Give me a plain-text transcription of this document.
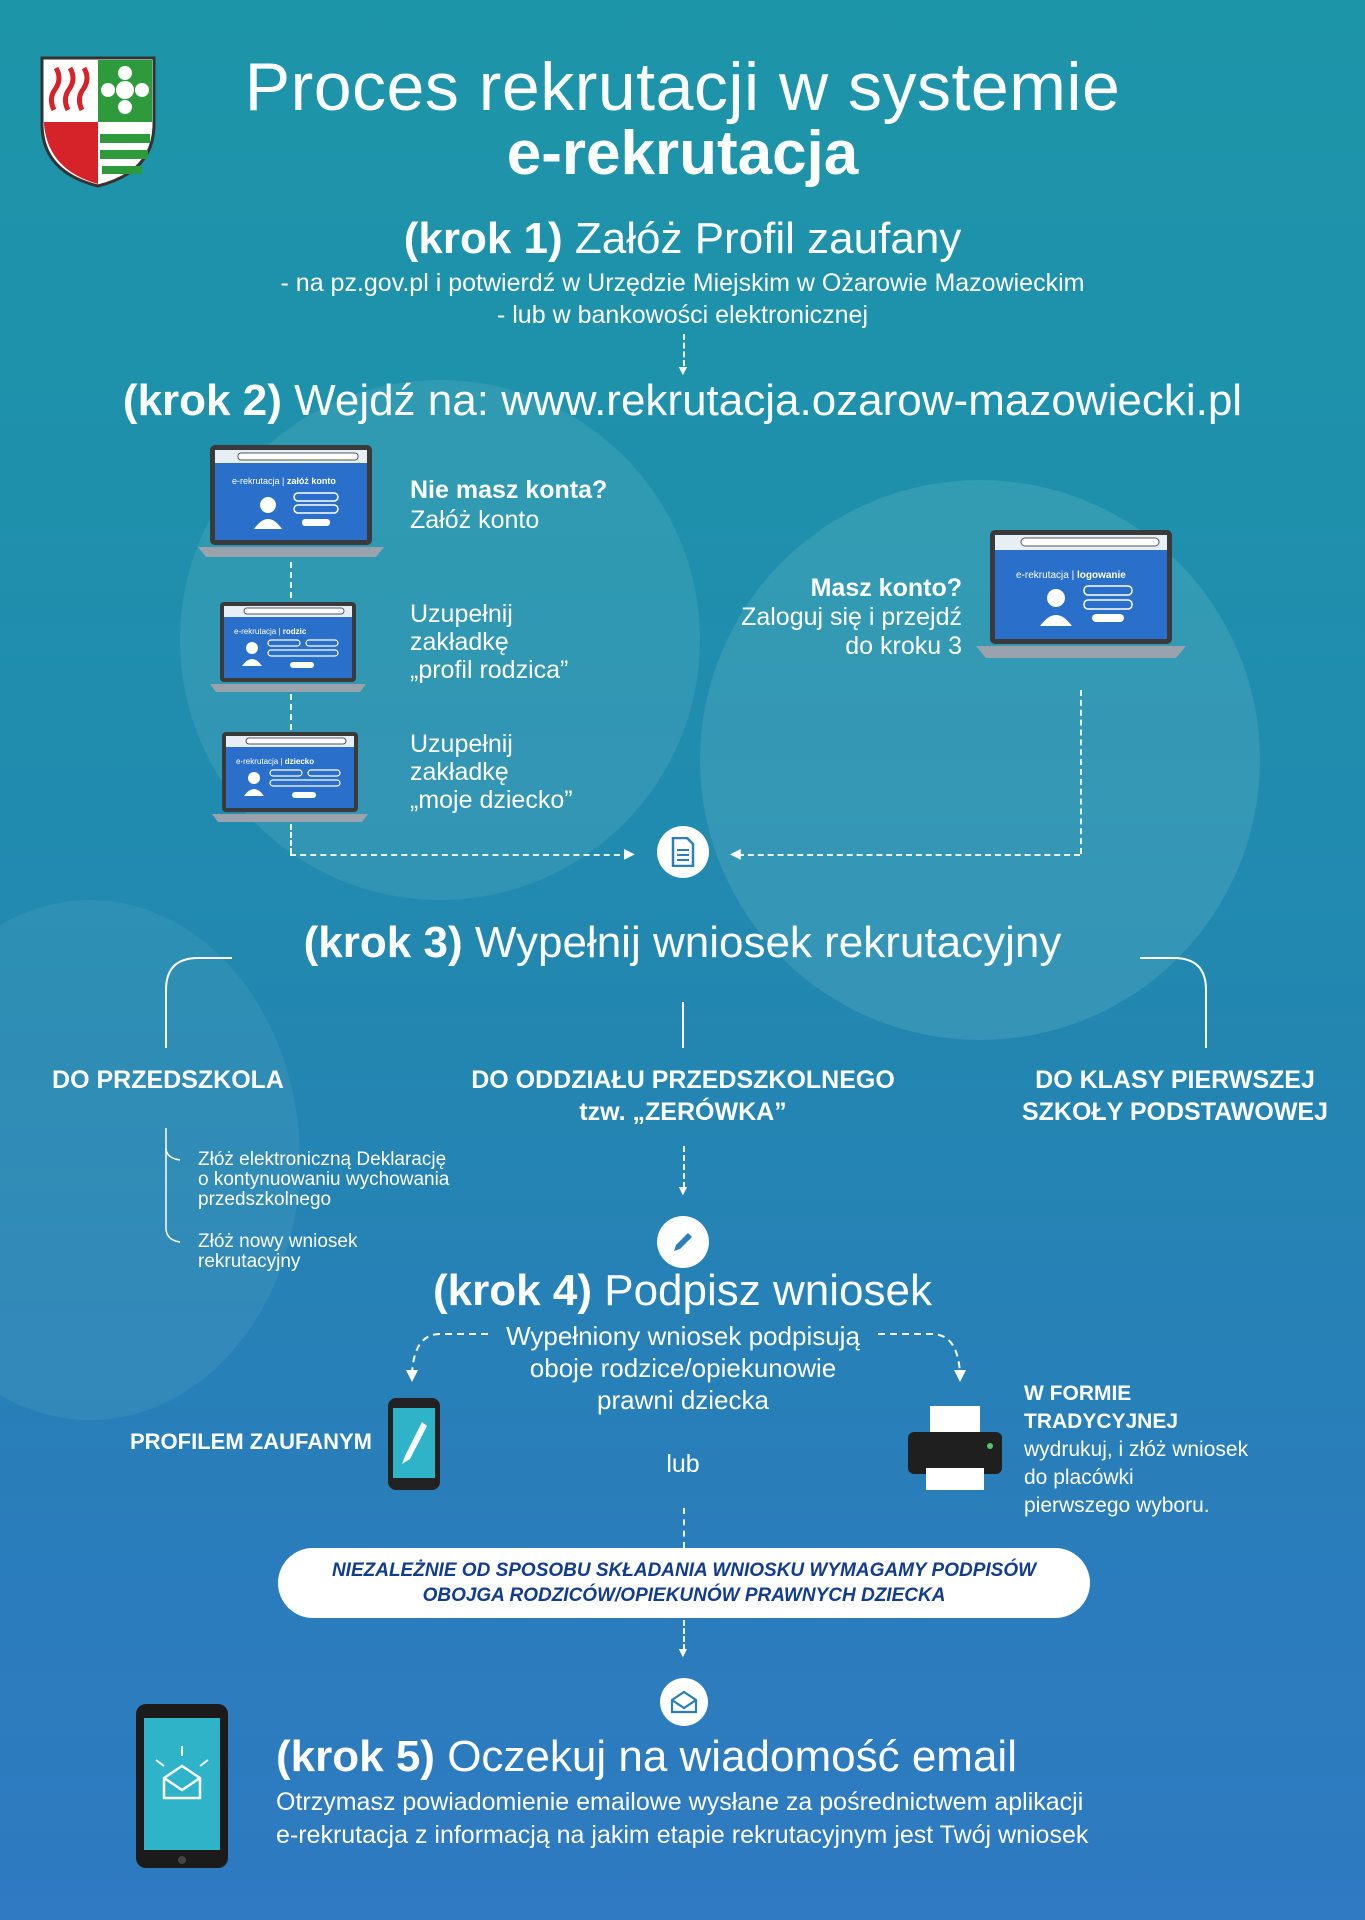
Proces rekrutacji w systemie
e-rekrutacja
(krok 1) Załóż Profil zaufany
- na pz.gov.pl i potwierdź w Urzędzie Miejskim w Ożarowie Mazowieckim
- lub w bankowości elektronicznej
▼
(krok 2) Wejdź na: www.rekrutacja.ozarow-mazowiecki.pl
e-rekrutacja | załóż konto	Nie masz konta?
Załóż konto
e-rekrutacja | rodzic
Uzupełnij
zakładkę
„profil rodzica”
e-rekrutacja | dziecko
Uzupełnij
zakładkę
„moje dziecko”
e-rekrutacja | logowanie
Masz konto?
Zaloguj się i przejdź
do kroku 3
▶	◀
(krok 3) Wypełnij wniosek rekrutacyjny
DO PRZEDSZKOLA	DO ODDZIAŁU PRZEDSZKOLNEGO
tzw. „ZERÓWKA”
DO KLASY PIERWSZEJ
SZKOŁY PODSTAWOWEJ
Złóż elektroniczną Deklarację
o kontynuowaniu wychowania
przedszkolnego
Złóż nowy wniosek
rekrutacyjny
▼
(krok 4) Podpisz wniosek
Wypełniony wniosek podpisują
oboje rodzice/opiekunowie
prawni dziecka
lub
PROFILEM ZAUFANYM
W FORMIE
TRADYCYJNEJ
wydrukuj, i złóż wniosek
do placówki
pierwszego wyboru.
NIEZALEŻNIE OD SPOSOBU SKŁADANIA WNIOSKU WYMAGAMY PODPISÓW
OBOJGA RODZICÓW/OPIEKUNÓW PRAWNYCH DZIECKA
▼
(krok 5) Oczekuj na wiadomość email
Otrzymasz powiadomienie emailowe wysłane za pośrednictwem aplikacji
e-rekrutacja z informacją na jakim etapie rekrutacyjnym jest Twój wniosek
